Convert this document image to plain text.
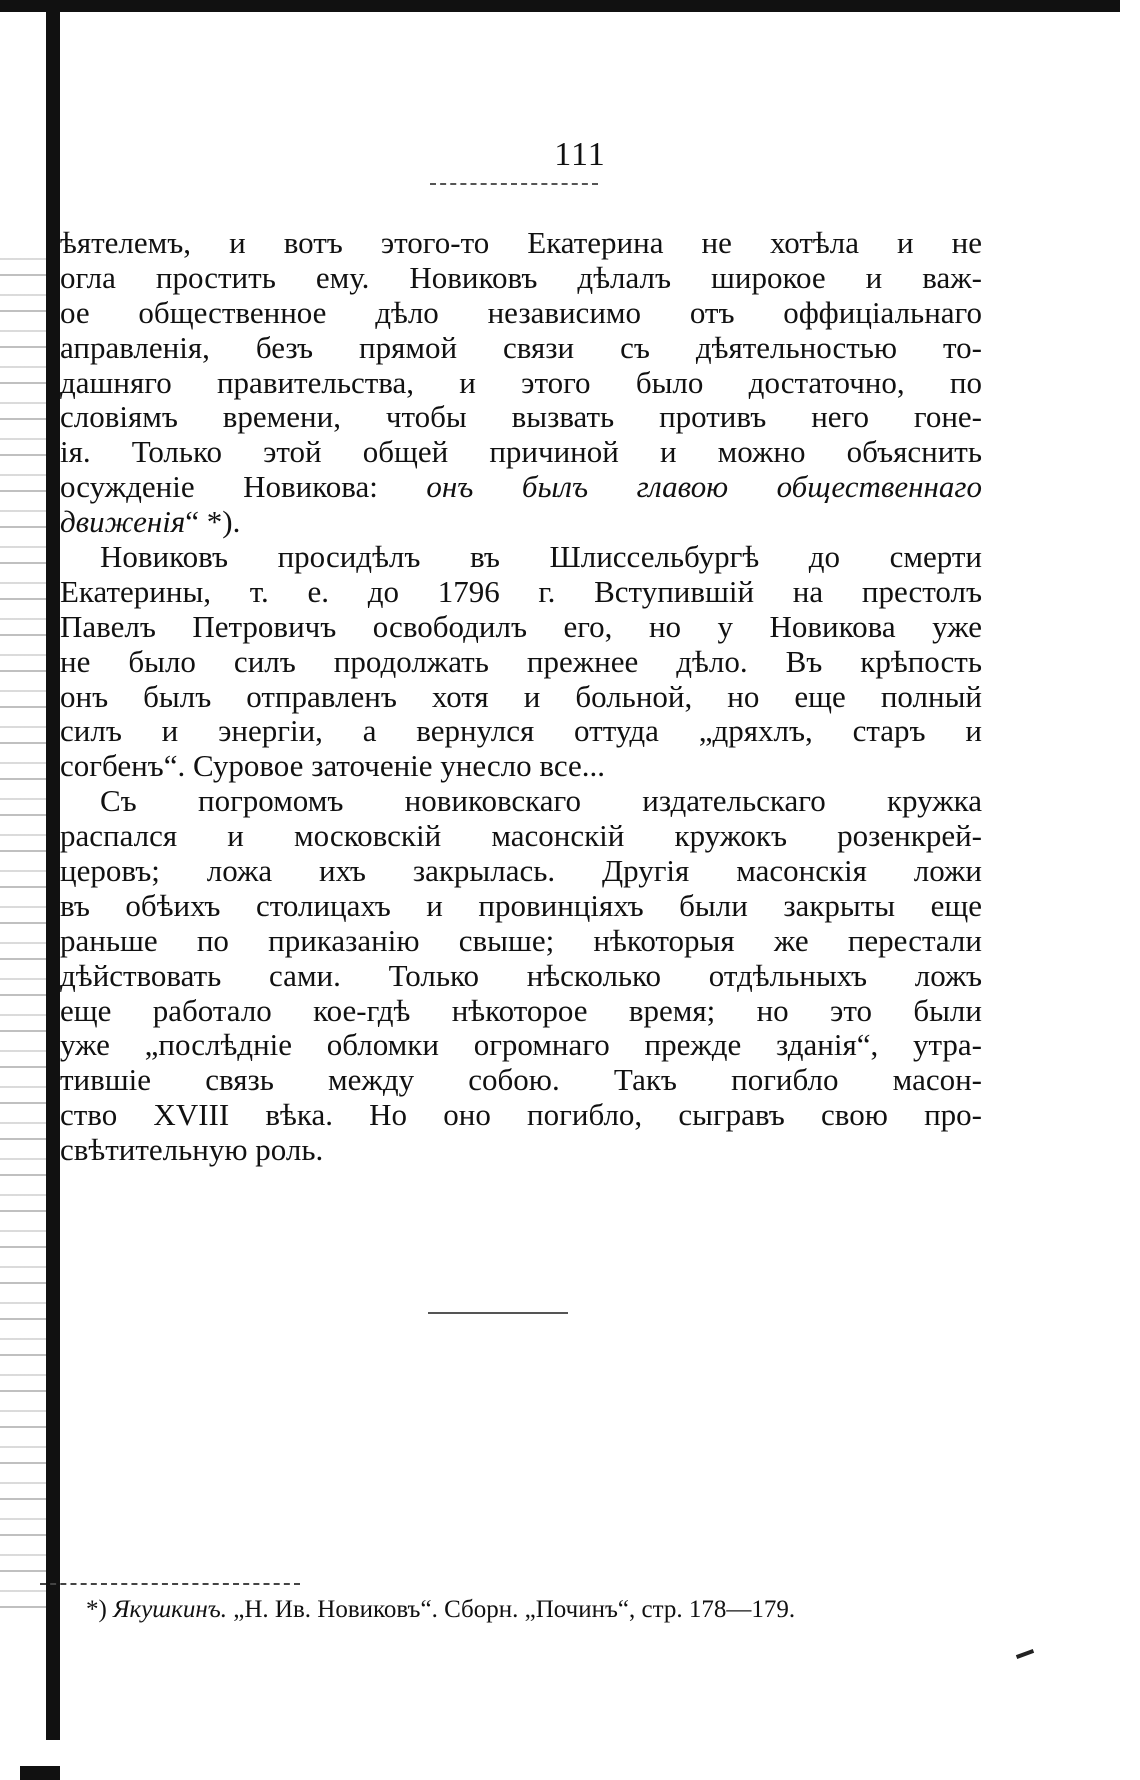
111
ѣятелемъ, и вотъ этого-то Екатерина не хотѣла и не
огла простить ему. Новиковъ дѣлалъ широкое и важ-
ое общественное дѣло независимо отъ оффиціальнаго
аправленія, безъ прямой связи съ дѣятельностью то-
дашняго правительства, и этого было достаточно, по
словіямъ времени, чтобы вызвать противъ него гоне-
ія. Только этой общей причиной и можно объяснить
осужденіе Новикова: онъ былъ главою общественнаго
движенія“ *).
Новиковъ просидѣлъ въ Шлиссельбургѣ до смерти
Екатерины, т. е. до 1796 г. Вступившій на престолъ
Павелъ Петровичъ освободилъ его, но у Новикова уже
не было силъ продолжать прежнее дѣло. Въ крѣпость
онъ былъ отправленъ хотя и больной, но еще полный
силъ и энергіи, а вернулся оттуда „дряхлъ, старъ и
согбенъ“. Суровое заточеніе унесло все...
Съ погромомъ новиковскаго издательскаго кружка
распался и московскій масонскій кружокъ розенкрей-
церовъ; ложа ихъ закрылась. Другія масонскія ложи
въ обѣихъ столицахъ и провинціяхъ были закрыты еще
раньше по приказанію свыше; нѣкоторыя же перестали
дѣйствовать сами. Только нѣсколько отдѣльныхъ ложъ
еще работало кое-гдѣ нѣкоторое время; но это были
уже „послѣдніе обломки огромнаго прежде зданія“, утра-
тившіе связь между собою. Такъ погибло масон-
ство XVIII вѣка. Но оно погибло, сыгравъ свою про-
свѣтительную роль.
*) Якушкинъ. „Н. Ив. Новиковъ“. Сборн. „Починъ“, стр. 178—179.
